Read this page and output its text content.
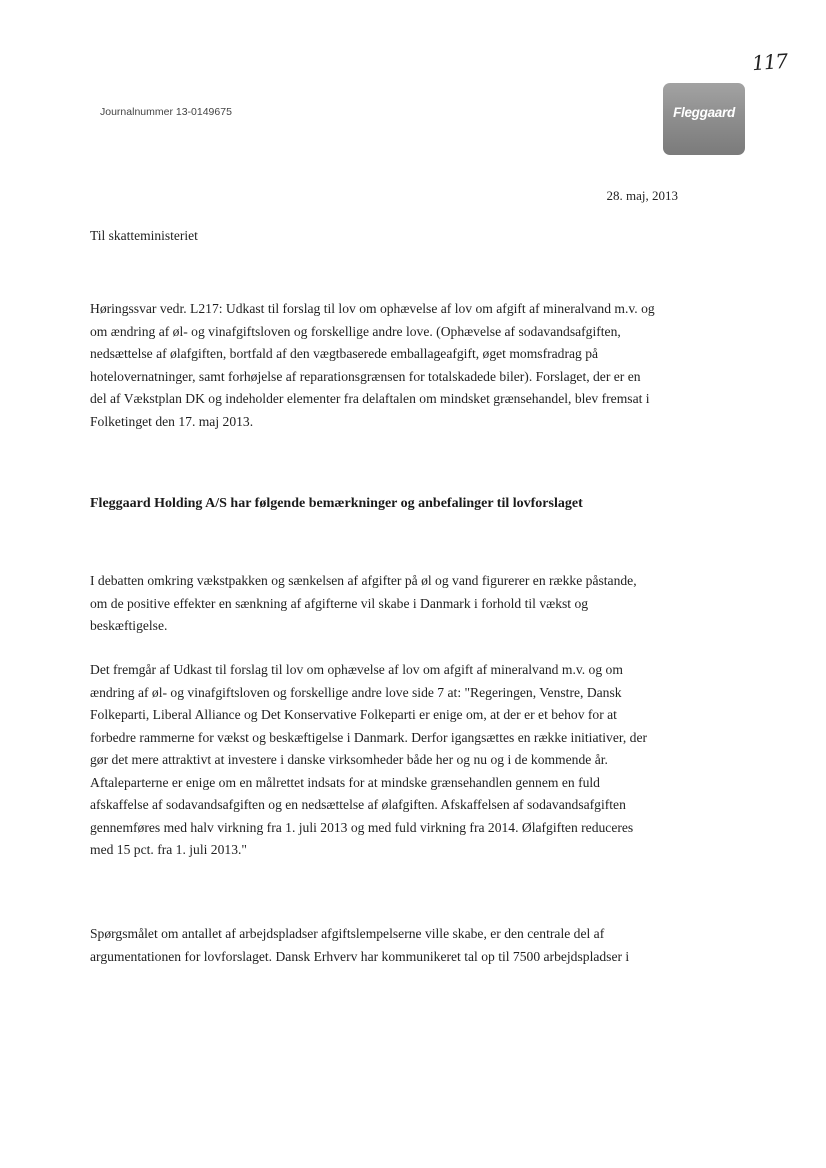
117
Journalnummer 13-0149675	Fleggaard
28. maj, 2013
Til skatteministeriet
Høringssvar vedr. L217: Udkast til forslag til lov om ophævelse af lov om afgift af mineralvand m.v. og
om ændring af øl- og vinafgiftsloven og forskellige andre love. (Ophævelse af sodavandsafgiften,
nedsættelse af ølafgiften, bortfald af den vægtbaserede emballageafgift, øget momsfradrag på
hotelovernatninger, samt forhøjelse af reparationsgrænsen for totalskadede biler). Forslaget, der er en
del af Vækstplan DK og indeholder elementer fra delaftalen om mindsket grænsehandel, blev fremsat i
Folketinget den 17. maj 2013.
Fleggaard Holding A/S har følgende bemærkninger og anbefalinger til lovforslaget
I debatten omkring vækstpakken og sænkelsen af afgifter på øl og vand figurerer en række påstande,
om de positive effekter en sænkning af afgifterne vil skabe i Danmark i forhold til vækst og
beskæftigelse.
Det fremgår af Udkast til forslag til lov om ophævelse af lov om afgift af mineralvand m.v. og om
ændring af øl- og vinafgiftsloven og forskellige andre love side 7 at: "Regeringen, Venstre, Dansk
Folkeparti, Liberal Alliance og Det Konservative Folkeparti er enige om, at der er et behov for at
forbedre rammerne for vækst og beskæftigelse i Danmark. Derfor igangsættes en række initiativer, der
gør det mere attraktivt at investere i danske virksomheder både her og nu og i de kommende år.
Aftaleparterne er enige om en målrettet indsats for at mindske grænsehandlen gennem en fuld
afskaffelse af sodavandsafgiften og en nedsættelse af ølafgiften. Afskaffelsen af sodavandsafgiften
gennemføres med halv virkning fra 1. juli 2013 og med fuld virkning fra 2014. Ølafgiften reduceres
med 15 pct. fra 1. juli 2013."
Spørgsmålet om antallet af arbejdspladser afgiftslempelserne ville skabe, er den centrale del af
argumentationen for lovforslaget. Dansk Erhverv har kommunikeret tal op til 7500 arbejdspladser i
